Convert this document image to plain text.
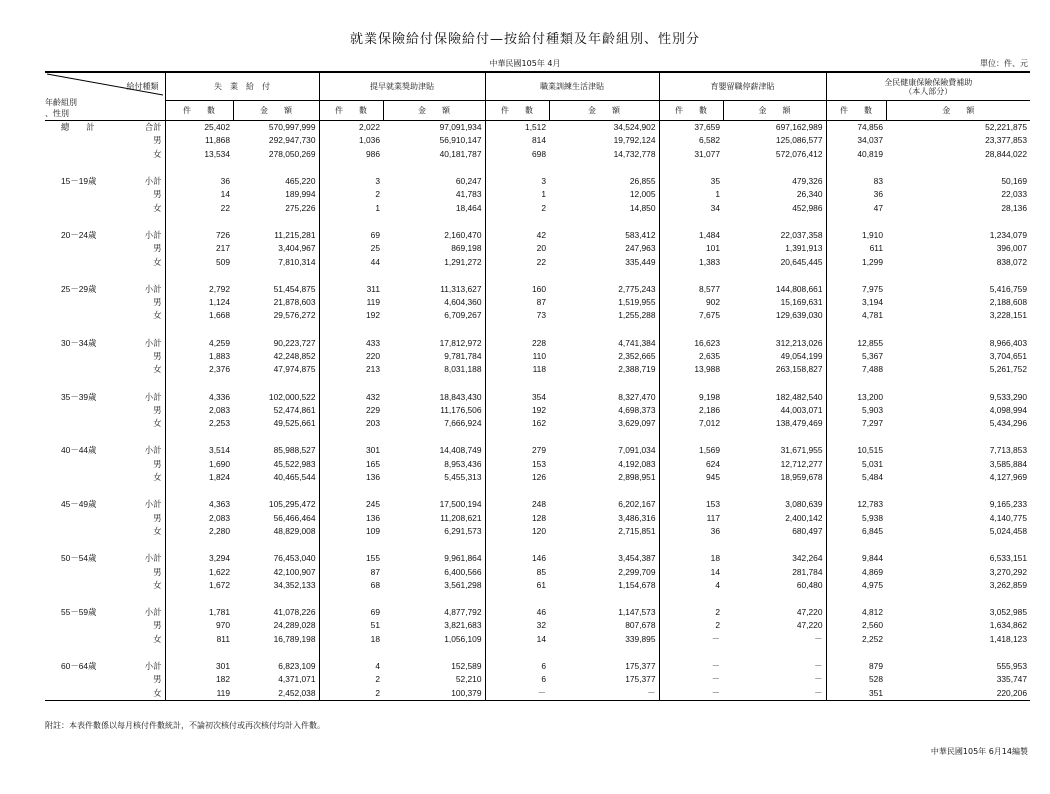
就業保險給付保險給付—按給付種類及年齡組別、性別分
中華民國105年 4月	單位：件、元
給付種類
年齡組別
、性別	失　業　給　付		提早就業獎助津貼		職業訓練生活津貼		育嬰留職停薪津貼		全民健康保險保險費補助
（本人部分）	
	件　　數	金　　額	件　　數	金　　額	件　　數	金　　額	件　　數	金　　額	件　　數	金　　額

總　　計 合計	25,402	570,997,999	2,022	97,091,934	1,512	34,524,902	37,659	697,162,989	74,856	52,221,875

男	11,868	292,947,730	1,036	56,910,147	814	19,792,124	6,582	125,086,577	34,037	23,377,853

女	13,534	278,050,269	986	40,181,787	698	14,732,778	31,077	572,076,412	40,819	28,844,022

15－19歲 小計	36	465,220	3	60,247	3	26,855	35	479,326	83	50,169

男	14	189,994	2	41,783	1	12,005	1	26,340	36	22,033

女	22	275,226	1	18,464	2	14,850	34	452,986	47	28,136

20－24歲 小計	726	11,215,281	69	2,160,470	42	583,412	1,484	22,037,358	1,910	1,234,079

男	217	3,404,967	25	869,198	20	247,963	101	1,391,913	611	396,007

女	509	7,810,314	44	1,291,272	22	335,449	1,383	20,645,445	1,299	838,072

25－29歲 小計	2,792	51,454,875	311	11,313,627	160	2,775,243	8,577	144,808,661	7,975	5,416,759

男	1,124	21,878,603	119	4,604,360	87	1,519,955	902	15,169,631	3,194	2,188,608

女	1,668	29,576,272	192	6,709,267	73	1,255,288	7,675	129,639,030	4,781	3,228,151

30－34歲 小計	4,259	90,223,727	433	17,812,972	228	4,741,384	16,623	312,213,026	12,855	8,966,403

男	1,883	42,248,852	220	9,781,784	110	2,352,665	2,635	49,054,199	5,367	3,704,651

女	2,376	47,974,875	213	8,031,188	118	2,388,719	13,988	263,158,827	7,488	5,261,752

35－39歲 小計	4,336	102,000,522	432	18,843,430	354	8,327,470	9,198	182,482,540	13,200	9,533,290

男	2,083	52,474,861	229	11,176,506	192	4,698,373	2,186	44,003,071	5,903	4,098,994

女	2,253	49,525,661	203	7,666,924	162	3,629,097	7,012	138,479,469	7,297	5,434,296

40－44歲 小計	3,514	85,988,527	301	14,408,749	279	7,091,034	1,569	31,671,955	10,515	7,713,853

男	1,690	45,522,983	165	8,953,436	153	4,192,083	624	12,712,277	5,031	3,585,884

女	1,824	40,465,544	136	5,455,313	126	2,898,951	945	18,959,678	5,484	4,127,969

45－49歲 小計	4,363	105,295,472	245	17,500,194	248	6,202,167	153	3,080,639	12,783	9,165,233

男	2,083	56,466,464	136	11,208,621	128	3,486,316	117	2,400,142	5,938	4,140,775

女	2,280	48,829,008	109	6,291,573	120	2,715,851	36	680,497	6,845	5,024,458

50－54歲 小計	3,294	76,453,040	155	9,961,864	146	3,454,387	18	342,264	9,844	6,533,151

男	1,622	42,100,907	87	6,400,566	85	2,299,709	14	281,784	4,869	3,270,292

女	1,672	34,352,133	68	3,561,298	61	1,154,678	4	60,480	4,975	3,262,859

55－59歲 小計	1,781	41,078,226	69	4,877,792	46	1,147,573	2	47,220	4,812	3,052,985

男	970	24,289,028	51	3,821,683	32	807,678	2	47,220	2,560	1,634,862

女	811	16,789,198	18	1,056,109	14	339,895	－	－	2,252	1,418,123

60－64歲 小計	301	6,823,109	4	152,589	6	175,377	－	－	879	555,953

男	182	4,371,071	2	52,210	6	175,377	－	－	528	335,747

女	119	2,452,038	2	100,379	－	－	－	－	351	220,206
附註：本表件數係以每月核付件數統計，不論初次核付或再次核付均計入件數。
中華民國105年 6月14編製
